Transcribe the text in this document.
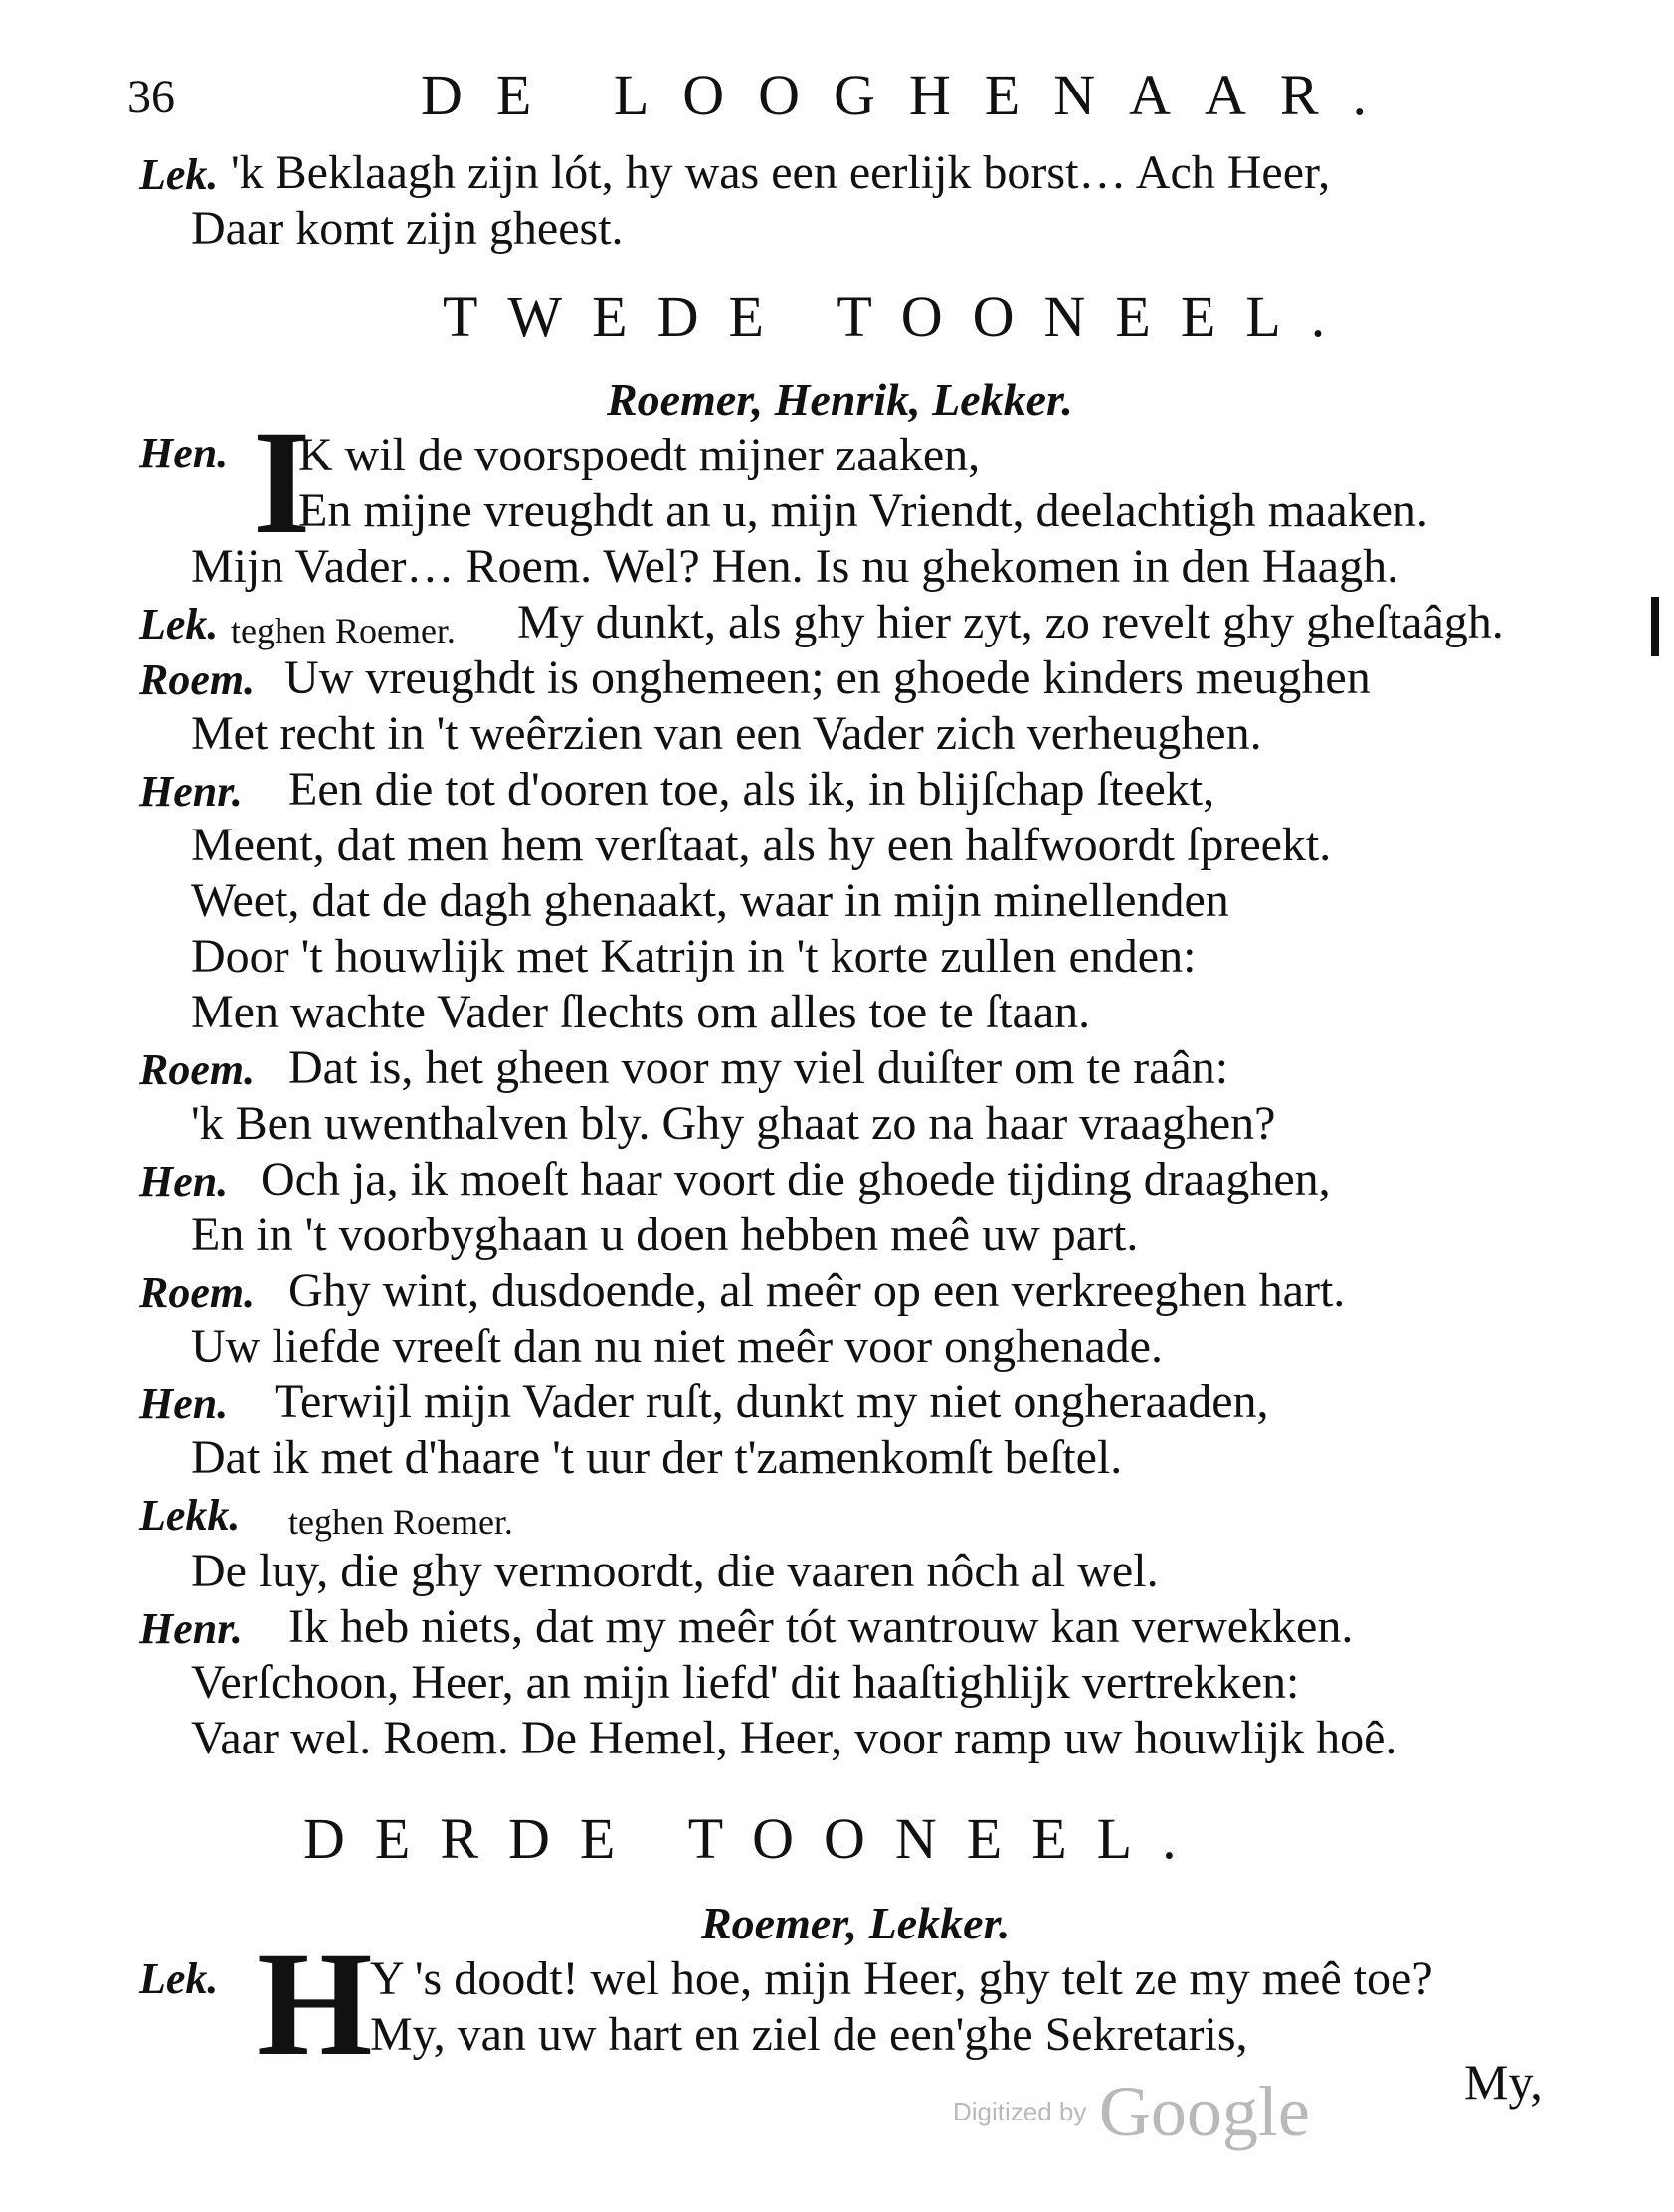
36	DE LOOGHENAAR.
Lek. 'k Beklaagh zijn lót, hy was een eerlijk borst… Ach Heer,
Daar komt zijn gheest.
TWEDE TOONEEL.
Roemer, Henrik, Lekker.
Hen. I
K wil de voorspoedt mijner zaaken,
En mijne vreughdt an u, mijn Vriendt, deelachtigh maaken.
Mijn Vader… Roem. Wel? Hen. Is nu ghekomen in den Haagh.
Lek. teghen Roemer. My dunkt, als ghy hier zyt, zo revelt ghy gheſtaâgh.
Roem. Uw vreughdt is onghemeen; en ghoede kinders meughen
Met recht in 't weêrzien van een Vader zich verheughen.
Henr. Een die tot d'ooren toe, als ik, in blijſchap ſteekt,
Meent, dat men hem verſtaat, als hy een halfwoordt ſpreekt.
Weet, dat de dagh ghenaakt, waar in mijn minellenden
Door 't houwlijk met Katrijn in 't korte zullen enden:
Men wachte Vader ſlechts om alles toe te ſtaan.
Roem. Dat is, het gheen voor my viel duiſter om te raân:
'k Ben uwenthalven bly. Ghy ghaat zo na haar vraaghen?
Hen. Och ja, ik moeſt haar voort die ghoede tijding draaghen,
En in 't voorbyghaan u doen hebben meê uw part.
Roem. Ghy wint, dusdoende, al meêr op een verkreeghen hart.
Uw liefde vreeſt dan nu niet meêr voor onghenade.
Hen. Terwijl mijn Vader ruſt, dunkt my niet ongheraaden,
Dat ik met d'haare 't uur der t'zamenkomſt beſtel.
Lekk. teghen Roemer.
De luy, die ghy vermoordt, die vaaren nôch al wel.
Henr. Ik heb niets, dat my meêr tót wantrouw kan verwekken.
Verſchoon, Heer, an mijn liefd' dit haaſtighlijk vertrekken:
Vaar wel. Roem. De Hemel, Heer, voor ramp uw houwlijk hoê.
DERDE TOONEEL.
Roemer, Lekker.
Lek. H
Y 's doodt! wel hoe, mijn Heer, ghy telt ze my meê toe?
My, van uw hart en ziel de een'ghe Sekretaris,
My,
Digitized by Google
